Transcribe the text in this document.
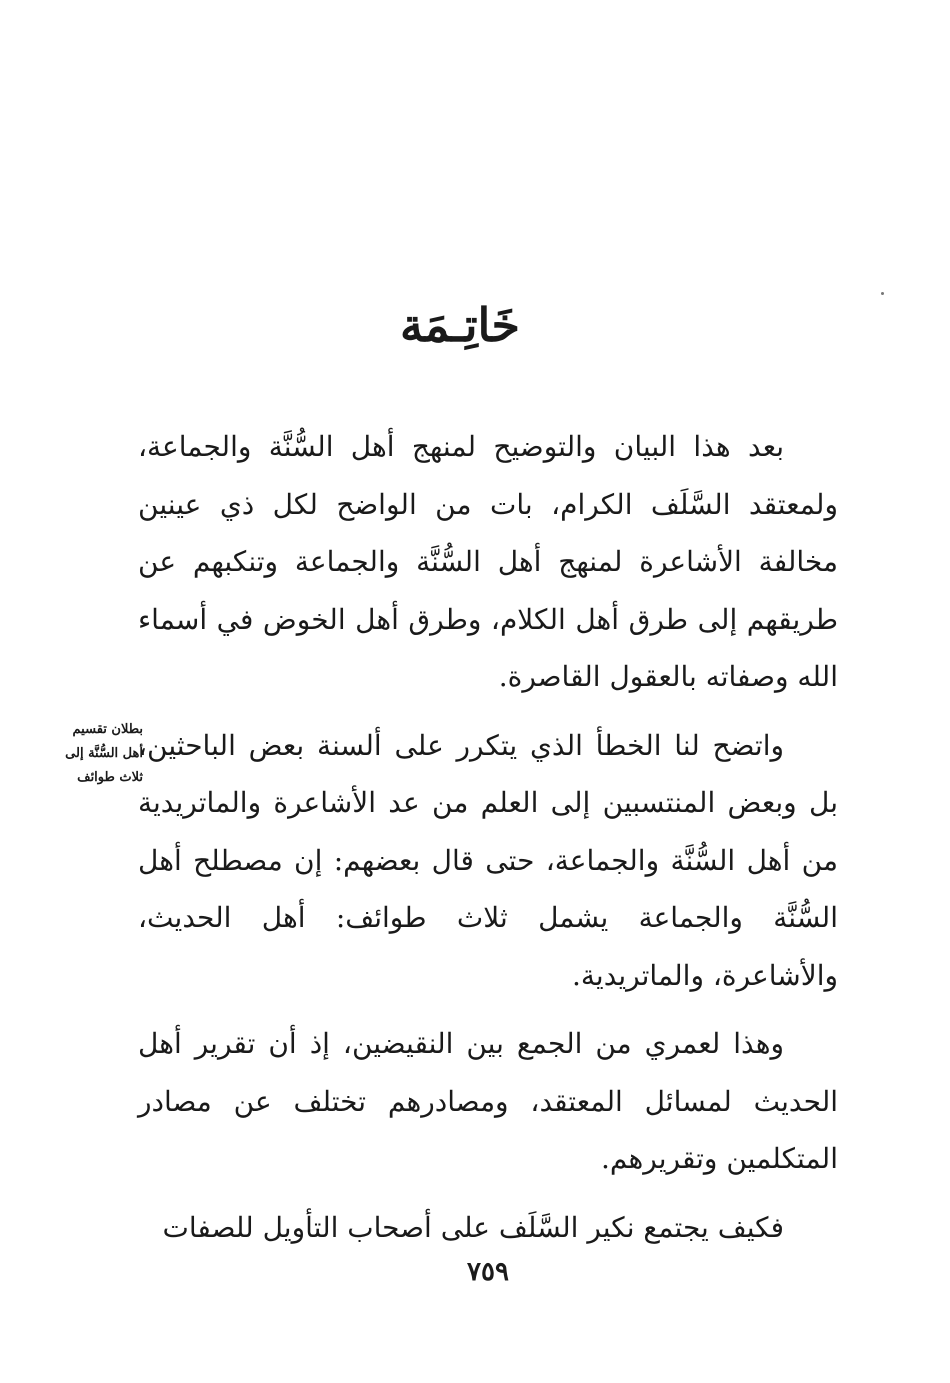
خَاتِـمَة

بعد هذا البيان والتوضيح لمنهج أهل السُّنَّة والجماعة، ولمعتقد السَّلَف الكرام، بات من الواضح لكل ذي عينين مخالفة الأشاعرة لمنهج أهل السُّنَّة والجماعة وتنكبهم عن طريقهم إلى طرق أهل الكلام، وطرق أهل الخوض في أسماء الله وصفاته بالعقول القاصرة.

واتضح لنا الخطأ الذي يتكرر على ألسنة بعض الباحثين، بل وبعض المنتسبين إلى العلم من عد الأشاعرة والماتريدية من أهل السُّنَّة والجماعة، حتى قال بعضهم: إن مصطلح أهل السُّنَّة والجماعة يشمل ثلاث طوائف: أهل الحديث، والأشاعرة، والماتريدية.

وهذا لعمري من الجمع بين النقيضين، إذ أن تقرير أهل الحديث لمسائل المعتقد، ومصادرهم تختلف عن مصادر المتكلمين وتقريرهم.

فكيف يجتمع نكير السَّلَف على أصحاب التأويل للصفات

بطلان تقسيم أهل السُّنَّة إلى ثلاث طوائف
٧٥٩
